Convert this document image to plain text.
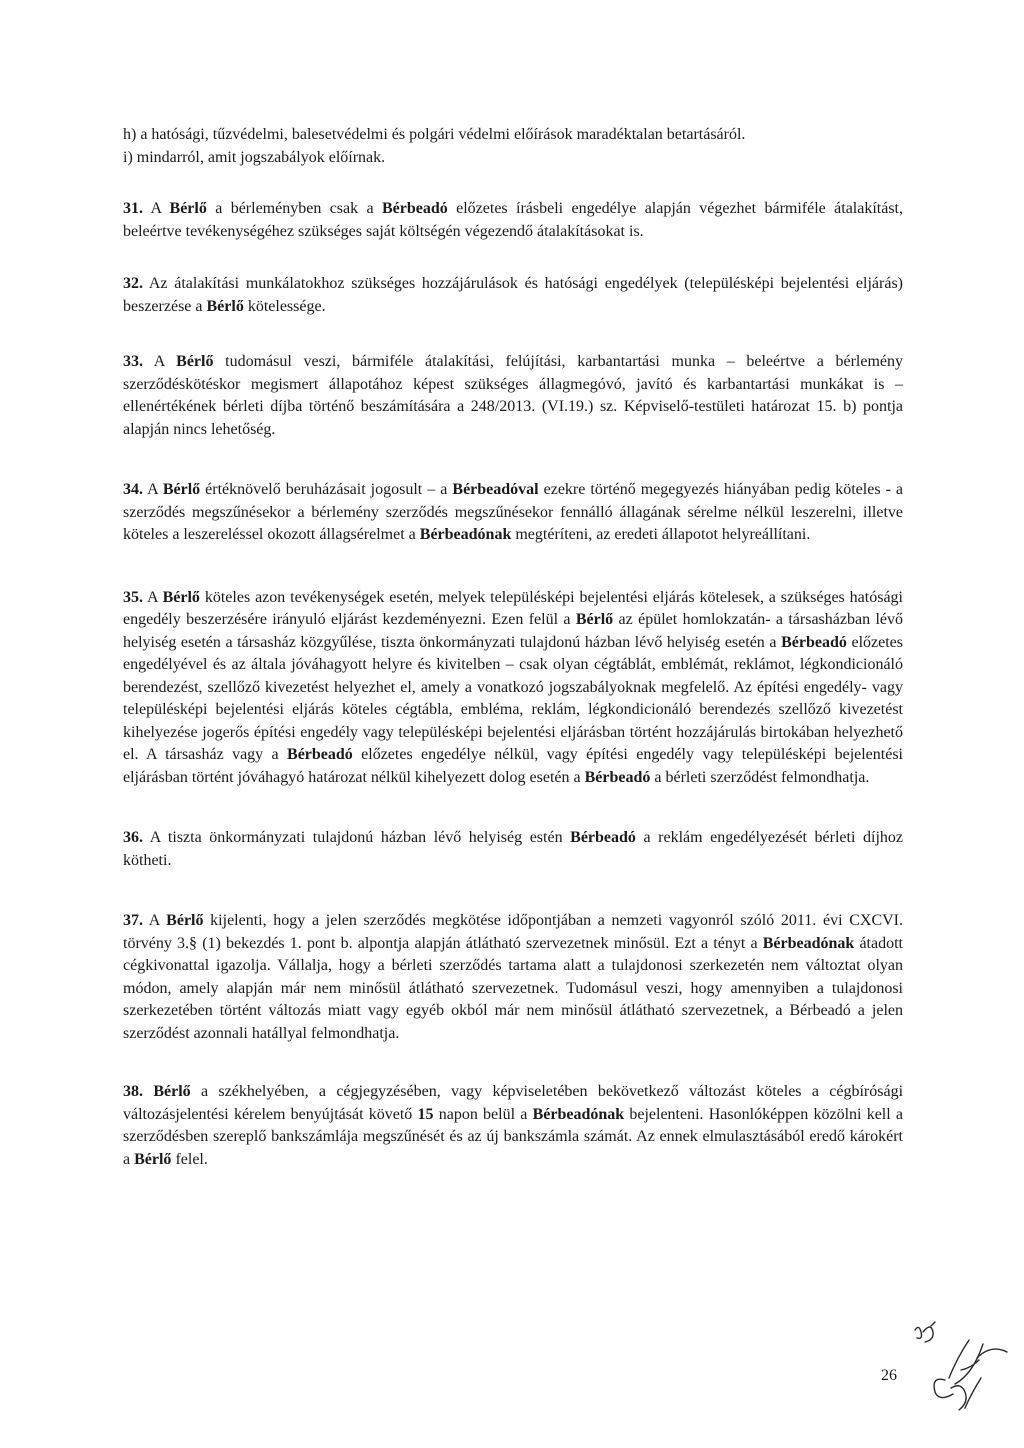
h) a hatósági, tűzvédelmi, balesetvédelmi és polgári védelmi előírások maradéktalan betartásáról.

i) mindarról, amit jogszabályok előírnak.

31. A Bérlő a bérleményben csak a Bérbeadó előzetes írásbeli engedélye alapján végezhet bármiféle átalakítást, beleértve tevékenységéhez szükséges saját költségén végezendő átalakításokat is.

32. Az átalakítási munkálatokhoz szükséges hozzájárulások és hatósági engedélyek (településképi bejelentési eljárás) beszerzése a Bérlő kötelessége.

33. A Bérlő tudomásul veszi, bármiféle átalakítási, felújítási, karbantartási munka – beleértve a bérlemény szerződéskötéskor megismert állapotához képest szükséges állagmegóvó, javító és karbantartási munkákat is – ellenértékének bérleti díjba történő beszámítására a 248/2013. (VI.19.) sz. Képviselő-testületi határozat 15. b) pontja alapján nincs lehetőség.

34. A Bérlő értéknövelő beruházásait jogosult – a Bérbeadóval ezekre történő megegyezés hiányában pedig köteles - a szerződés megszűnésekor a bérlemény szerződés megszűnésekor fennálló állagának sérelme nélkül leszerelni, illetve köteles a leszereléssel okozott állagsérelmet a Bérbeadónak megtéríteni, az eredeti állapotot helyreállítani.

35. A Bérlő köteles azon tevékenységek esetén, melyek településképi bejelentési eljárás kötelesek, a szükséges hatósági engedély beszerzésére irányuló eljárást kezdeményezni. Ezen felül a Bérlő az épület homlokzatán- a társasházban lévő helyiség esetén a társasház közgyűlése, tiszta önkormányzati tulajdonú házban lévő helyiség esetén a Bérbeadó előzetes engedélyével és az általa jóváhagyott helyre és kivitelben – csak olyan cégtáblát, emblémát, reklámot, légkondicionáló berendezést, szellőző kivezetést helyezhet el, amely a vonatkozó jogszabályoknak megfelelő. Az építési engedély- vagy településképi bejelentési eljárás köteles cégtábla, embléma, reklám, légkondicionáló berendezés szellőző kivezetést kihelyezése jogerős építési engedély vagy településképi bejelentési eljárásban történt hozzájárulás birtokában helyezhető el. A társasház vagy a Bérbeadó előzetes engedélye nélkül, vagy építési engedély vagy településképi bejelentési eljárásban történt jóváhagyó határozat nélkül kihelyezett dolog esetén a Bérbeadó a bérleti szerződést felmondhatja.

36. A tiszta önkormányzati tulajdonú házban lévő helyiség estén Bérbeadó a reklám engedélyezését bérleti díjhoz kötheti.

37. A Bérlő kijelenti, hogy a jelen szerződés megkötése időpontjában a nemzeti vagyonról szóló 2011. évi CXCVI. törvény 3.§ (1) bekezdés 1. pont b. alpontja alapján átlátható szervezetnek minősül. Ezt a tényt a Bérbeadónak átadott cégkivonattal igazolja. Vállalja, hogy a bérleti szerződés tartama alatt a tulajdonosi szerkezetén nem változtat olyan módon, amely alapján már nem minősül átlátható szervezetnek. Tudomásul veszi, hogy amennyiben a tulajdonosi szerkezetében történt változás miatt vagy egyéb okból már nem minősül átlátható szervezetnek, a Bérbeadó a jelen szerződést azonnali hatállyal felmondhatja.

38. Bérlő a székhelyében, a cégjegyzésében, vagy képviseletében bekövetkező változást köteles a cégbírósági változásjelentési kérelem benyújtását követő 15 napon belül a Bérbeadónak bejelenteni. Hasonlóképpen közölni kell a szerződésben szereplő bankszámlája megszűnését és az új bankszámla számát. Az ennek elmulasztásából eredő károkért a Bérlő felel.

26
